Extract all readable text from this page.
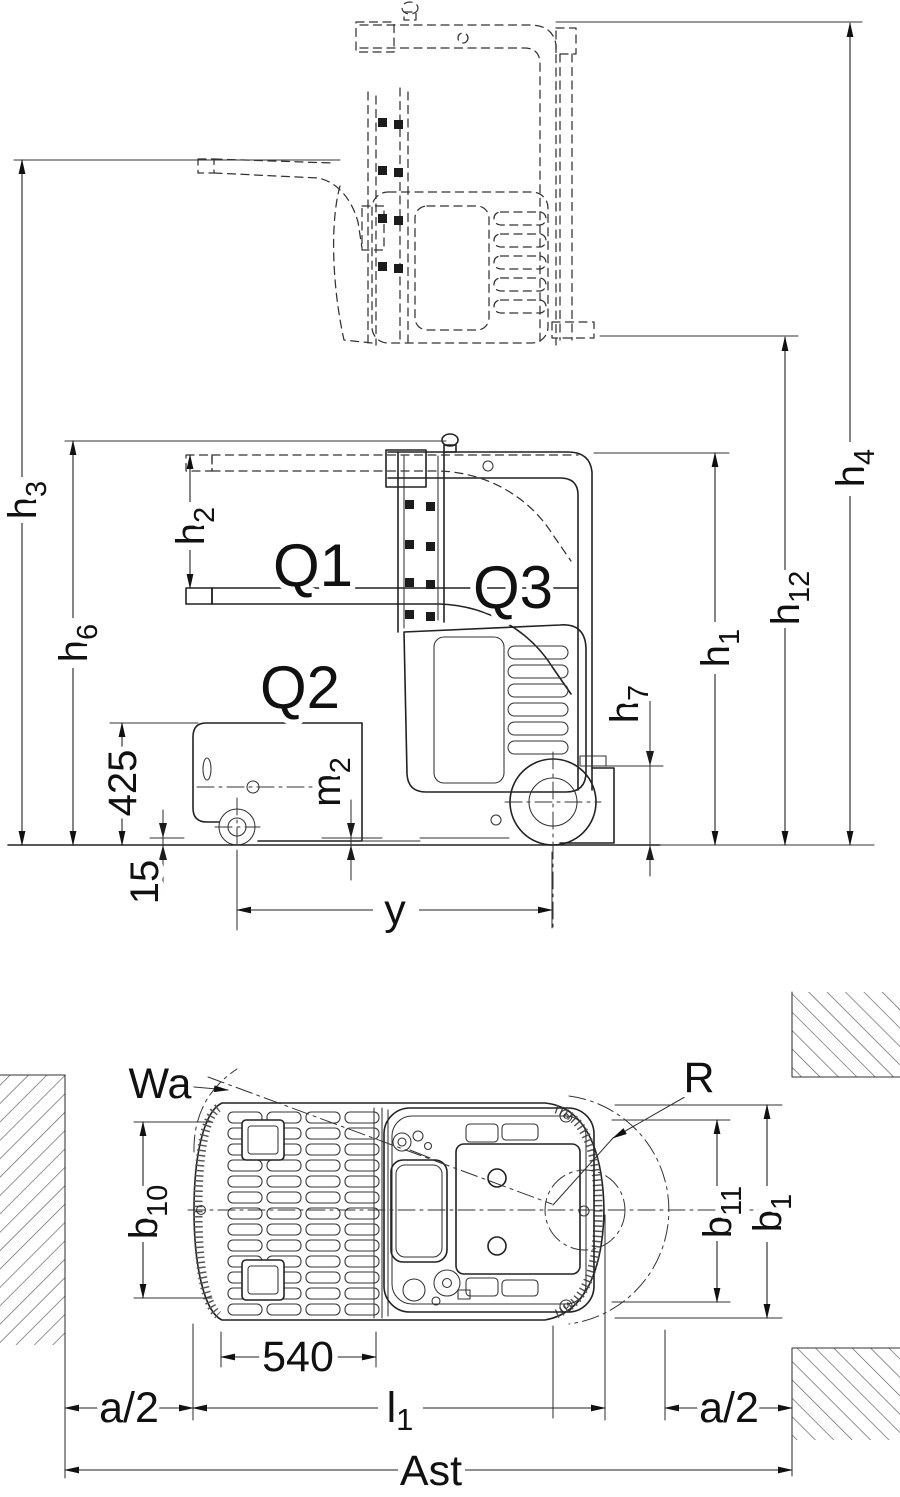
$h_3$
$h_6$
$h_2$
425
15
$m_2$
y
$h_7$
$h_1$
$h_{12}$
$h_4$
Q1
Q2
Q3
Wa	R
$b_{10}$
$b_{11}$
$b_1$
540
a/2	l1	a/2
Ast
